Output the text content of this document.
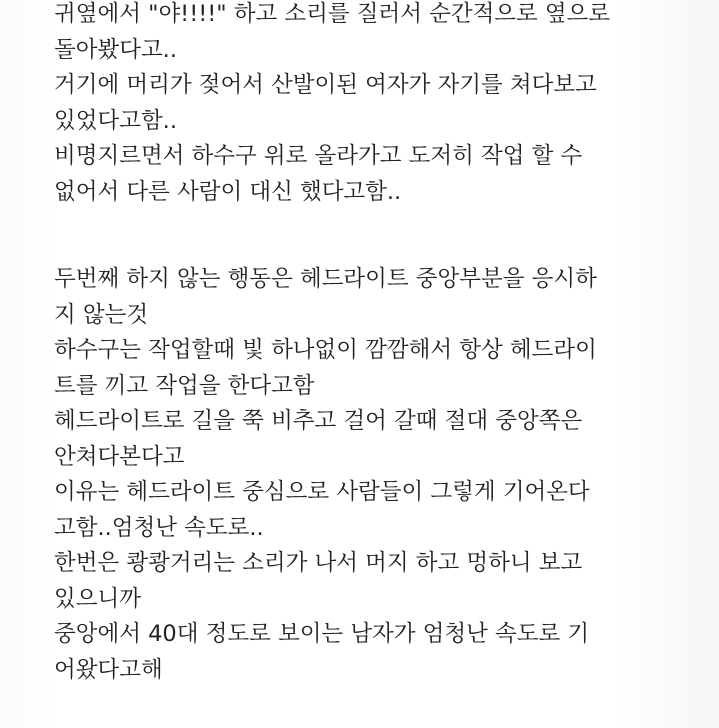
귀옆에서 "야!!!!" 하고 소리를 질러서 순간적으로 옆으로
돌아봤다고..
거기에 머리가 젖어서 산발이된 여자가 자기를 쳐다보고
있었다고함..
비명지르면서 하수구 위로 올라가고 도저히 작업 할 수
없어서 다른 사람이 대신 했다고함..
두번째 하지 않는 행동은 헤드라이트 중앙부분을 응시하
지 않는것
하수구는 작업할때 빛 하나없이 깜깜해서 항상 헤드라이
트를 끼고 작업을 한다고함
헤드라이트로 길을 쭉 비추고 걸어 갈때 절대 중앙쪽은
안쳐다본다고
이유는 헤드라이트 중심으로 사람들이 그렇게 기어온다
고함..엄청난 속도로..
한번은 쾅쾅거리는 소리가 나서 머지 하고 멍하니 보고
있으니까
중앙에서 40대 정도로 보이는 남자가 엄청난 속도로 기
어왔다고해
